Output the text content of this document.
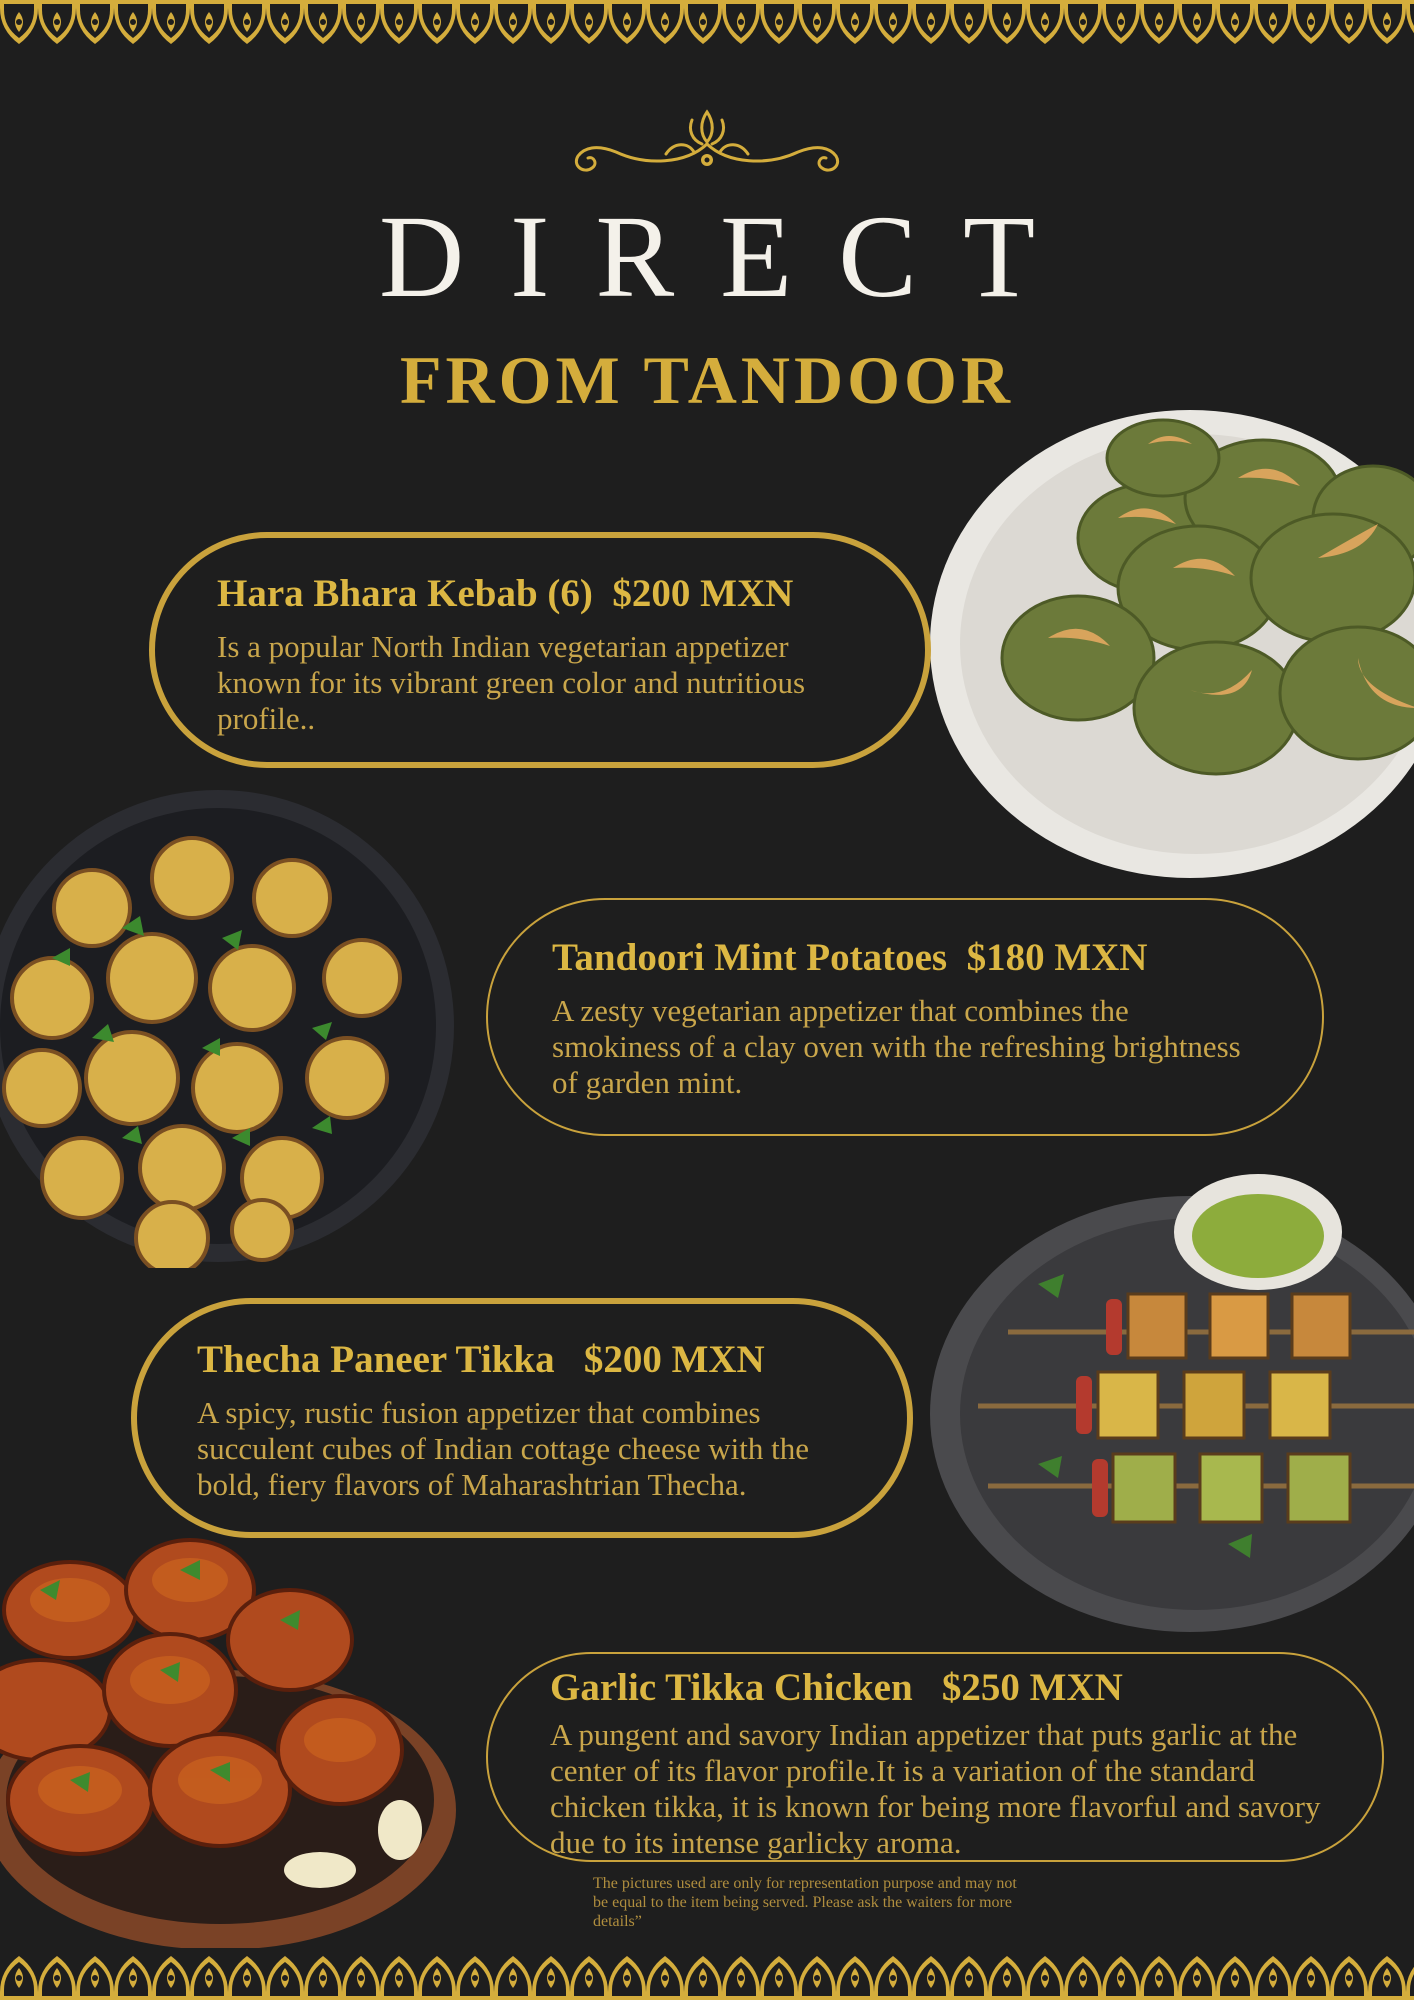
DIRECT
FROM TANDOOR
Hara Bhara Kebab (6) $200 MXN
Is a popular North Indian vegetarian appetizer known for its vibrant green color and nutritious profile..
Tandoori Mint Potatoes $180 MXN
A zesty vegetarian appetizer that combines the smokiness of a clay oven with the refreshing brightness of garden mint.
Thecha Paneer Tikka $200 MXN
A spicy, rustic fusion appetizer that combines succulent cubes of Indian cottage cheese with the bold, fiery flavors of Maharashtrian Thecha.
Garlic Tikka Chicken $250 MXN
A pungent and savory Indian appetizer that puts garlic at the center of its flavor profile.It is a variation of the standard chicken tikka, it is known for being more flavorful and savory due to its intense garlicky aroma.
The pictures used are only for representation purpose and may not be equal to the item being served. Please ask the waiters for more details”
